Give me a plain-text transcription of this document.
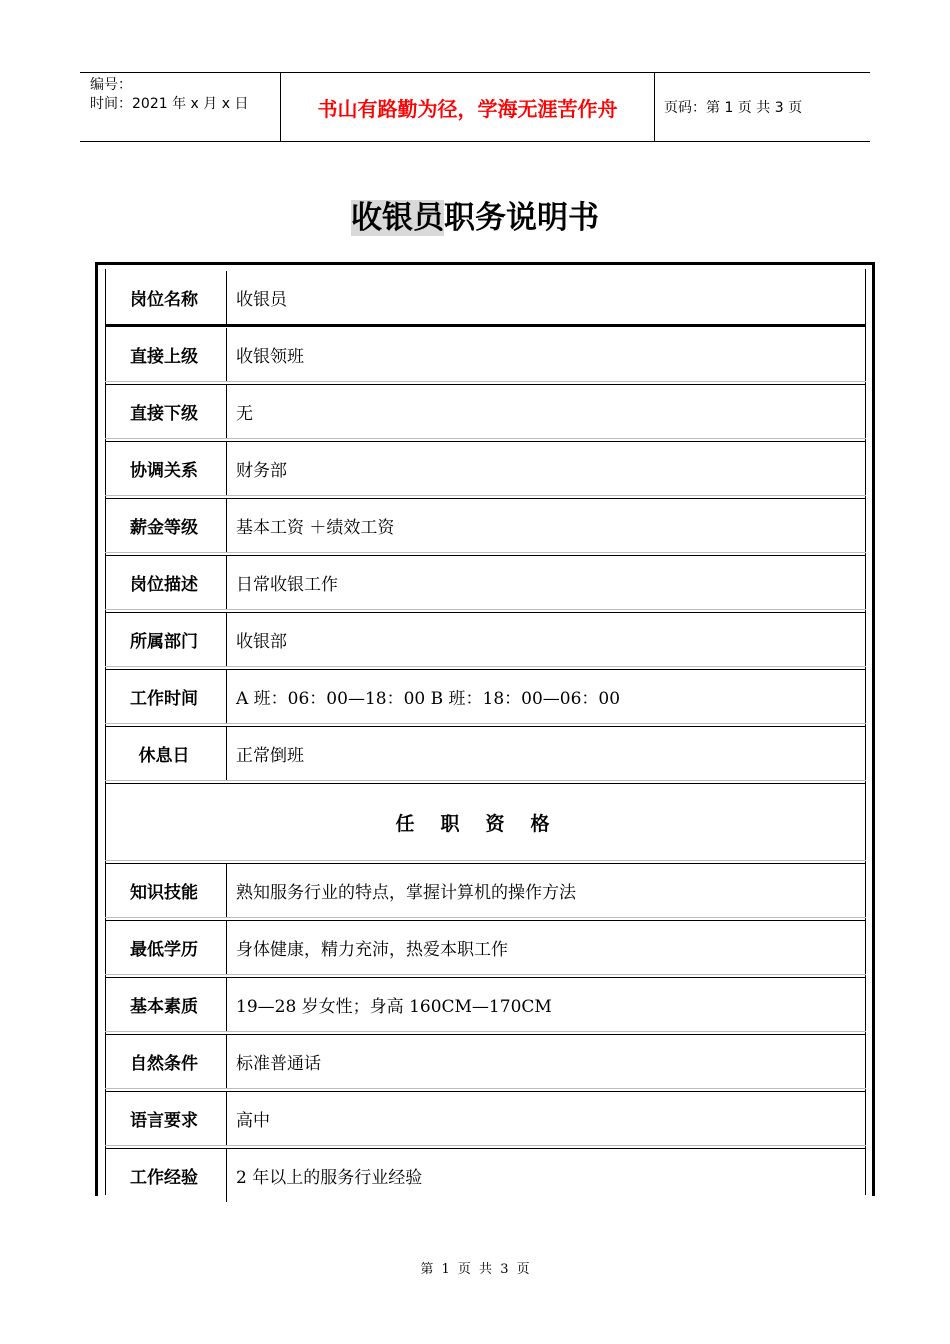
编号：
时间：2021 年 x 月 x 日	书山有路勤为径，学海无涯苦作舟	页码：第 1 页 共 3 页
收银员职务说明书
岗位名称	收银员
直接上级	收银领班
直接下级	无
协调关系	财务部
薪金等级	基本工资 ＋绩效工资
岗位描述	日常收银工作
所属部门	收银部
工作时间	A 班：06：00—18：00 B 班：18：00—06：00
休息日	正常倒班
任职资格
知识技能	熟知服务行业的特点，掌握计算机的操作方法
最低学历	身体健康，精力充沛，热爱本职工作
基本素质	19—28 岁女性；身高 160CM—170CM
自然条件	标准普通话
语言要求	高中
工作经验	2 年以上的服务行业经验
第 1 页 共 3 页
